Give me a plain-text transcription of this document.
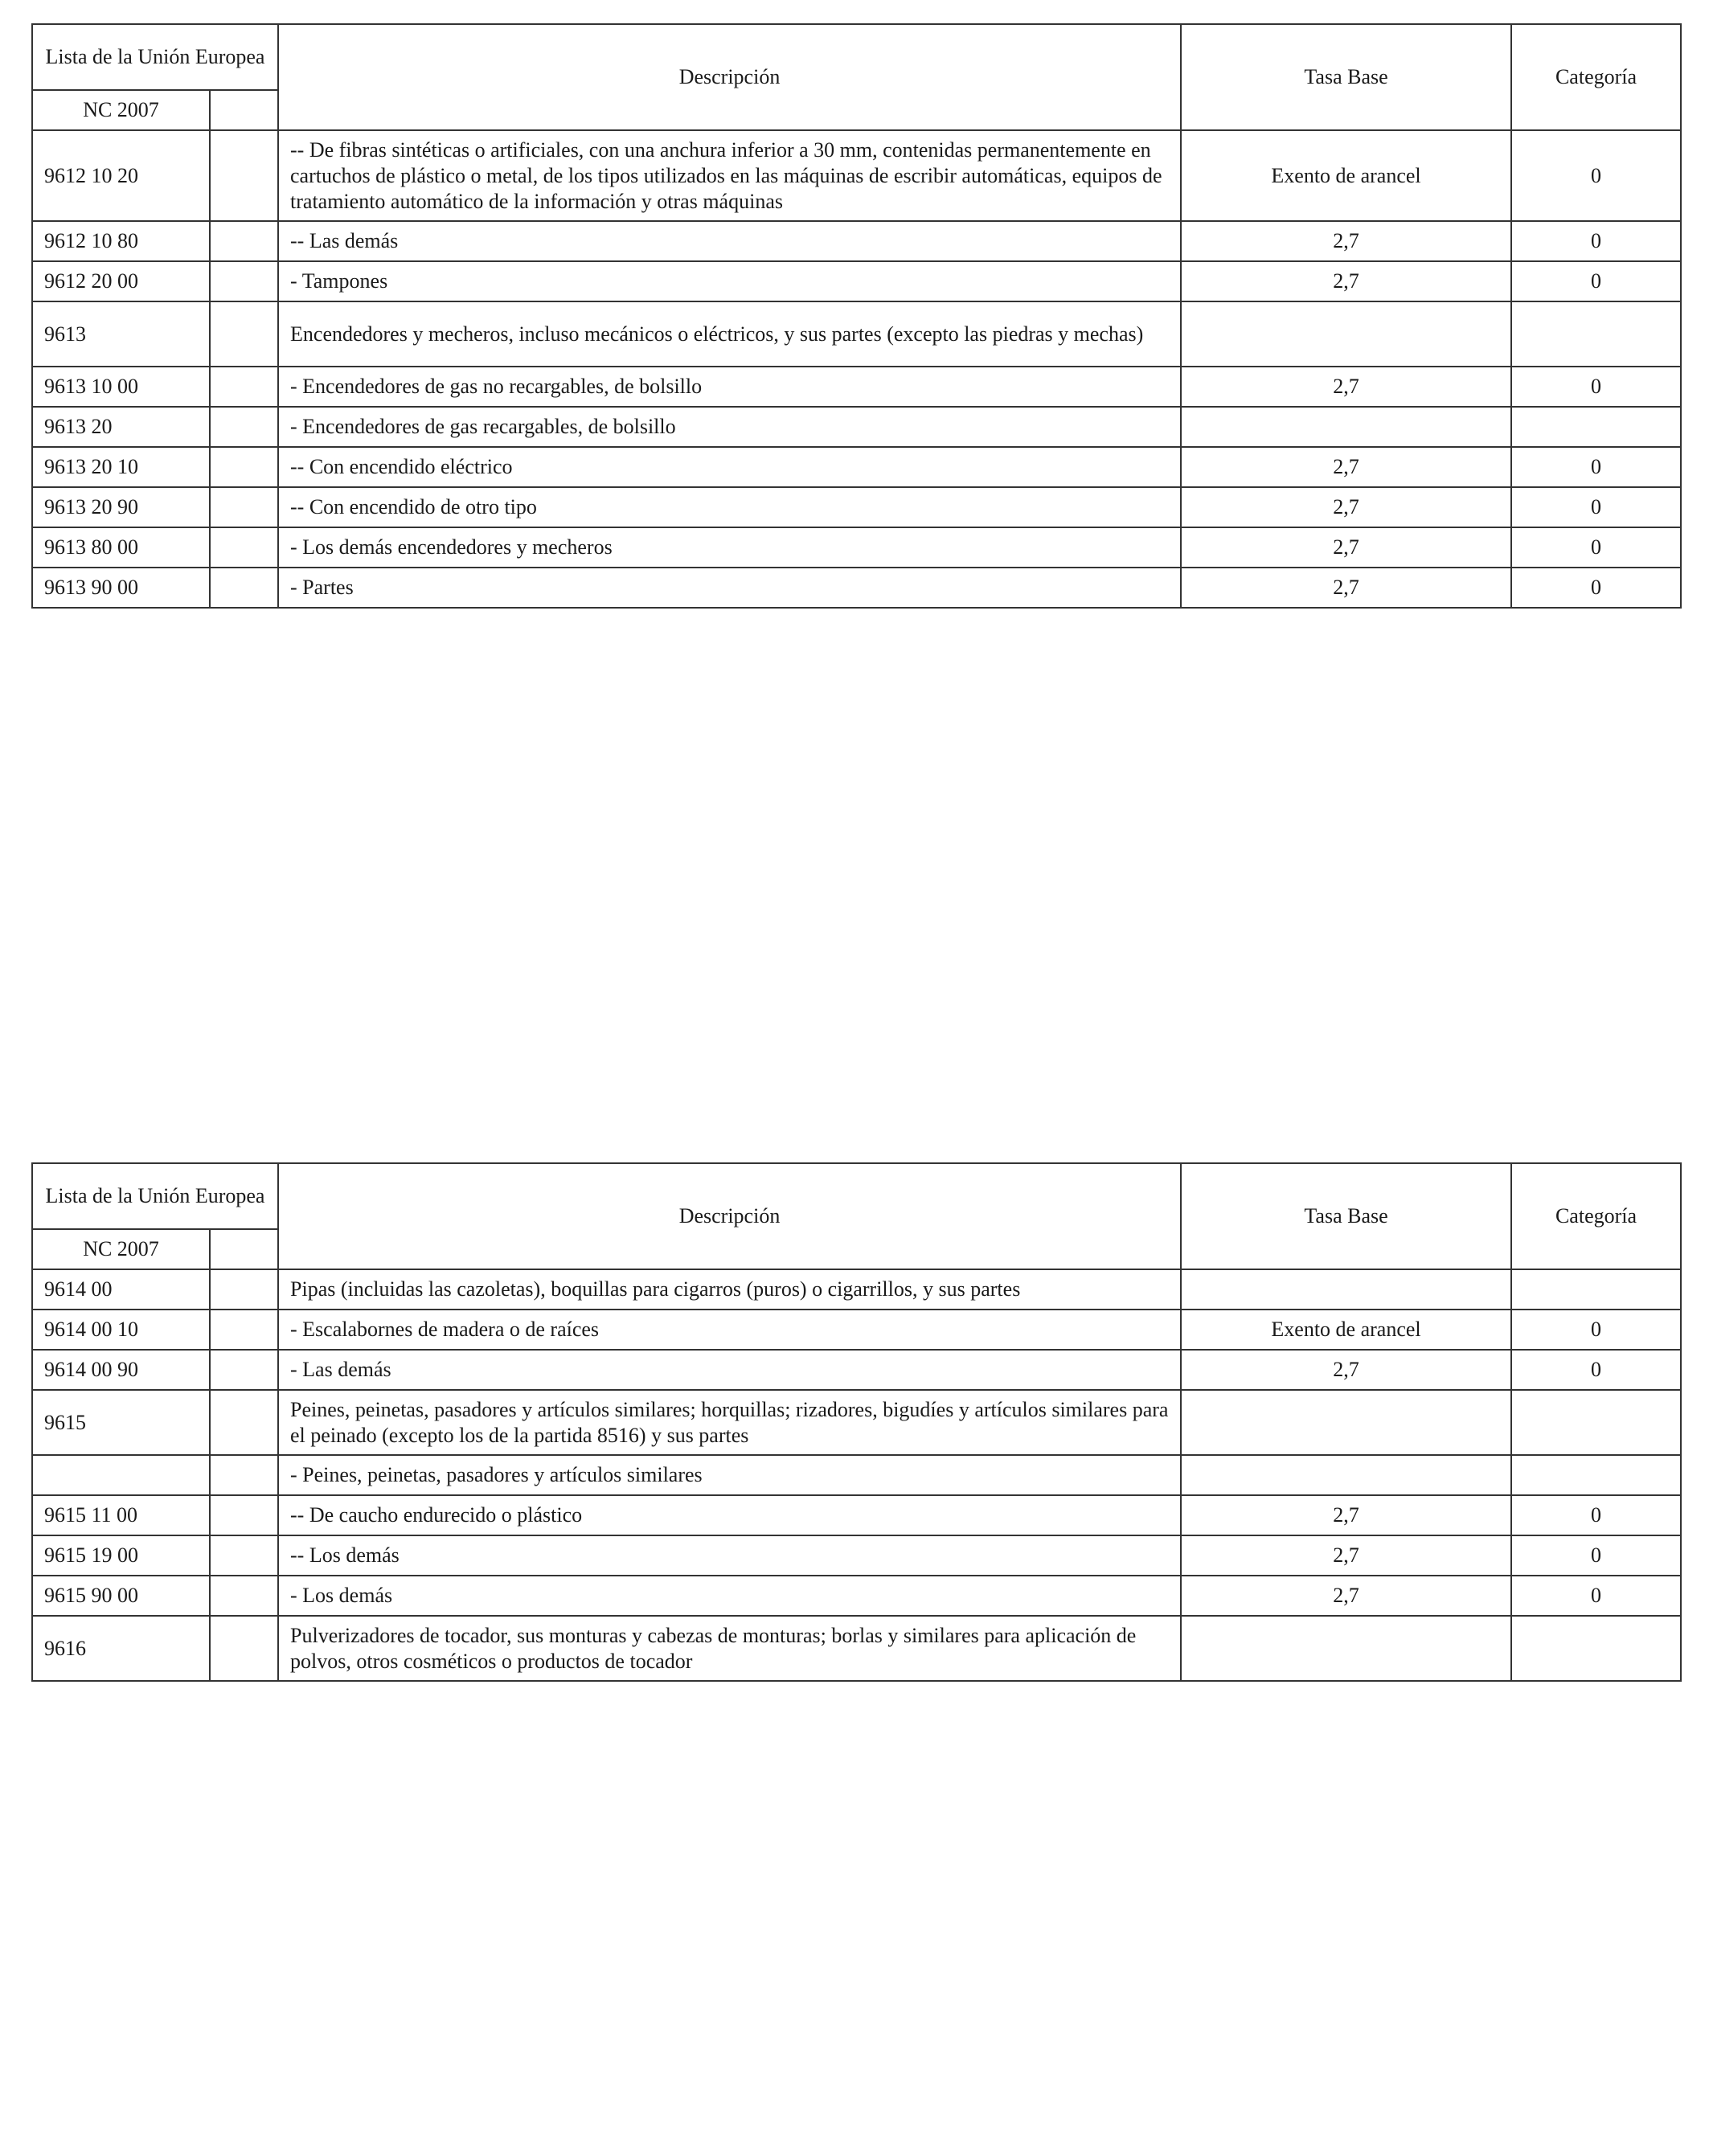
Lista de la Unión Europea		Descripción	Tasa Base	Categoría
NC 2007				
9612 10 20		-- De fibras sintéticas o artificiales, con una anchura inferior a 30 mm, contenidas permanentemente en cartuchos de plástico o metal, de los tipos utilizados en las máquinas de escribir automáticas, equipos de tratamiento automático de la información y otras máquinas	Exento de arancel	0
9612 10 80		-- Las demás	2,7	0
9612 20 00		- Tampones	2,7	0
9613		Encendedores y mecheros, incluso mecánicos o eléctricos, y sus partes (excepto las piedras y mechas)		
9613 10 00		- Encendedores de gas no recargables, de bolsillo	2,7	0
9613 20		- Encendedores de gas recargables, de bolsillo		
9613 20 10		-- Con encendido eléctrico	2,7	0
9613 20 90		-- Con encendido de otro tipo	2,7	0
9613 80 00		- Los demás encendedores y mecheros	2,7	0
9613 90 00		- Partes	2,7	0
Lista de la Unión Europea		Descripción	Tasa Base	Categoría
NC 2007				
9614 00		Pipas (incluidas las cazoletas), boquillas para cigarros (puros) o cigarrillos, y sus partes		
9614 00 10		- Escalabornes de madera o de raíces	Exento de arancel	0
9614 00 90		- Las demás	2,7	0
9615		Peines, peinetas, pasadores y artículos similares; horquillas; rizadores, bigudíes y artículos similares para el peinado (excepto los de la partida 8516) y sus partes		
		- Peines, peinetas, pasadores y artículos similares		
9615 11 00		-- De caucho endurecido o plástico	2,7	0
9615 19 00		-- Los demás	2,7	0
9615 90 00		- Los demás	2,7	0
9616		Pulverizadores de tocador, sus monturas y cabezas de monturas; borlas y similares para aplicación de polvos, otros cosméticos o productos de tocador		
